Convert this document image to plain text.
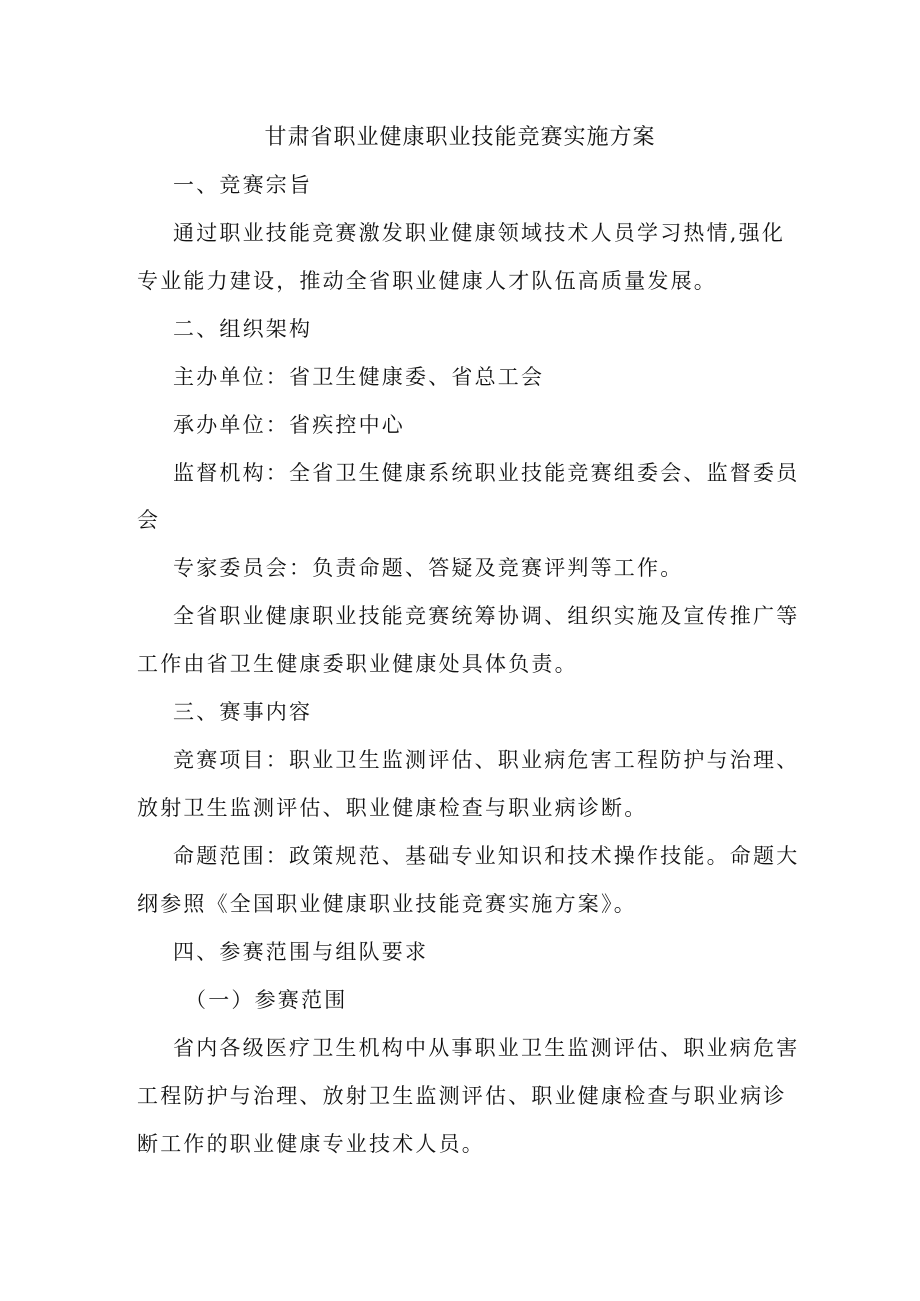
甘肃省职业健康职业技能竞赛实施方案
一、竞赛宗旨
通过职业技能竞赛激发职业健康领域技术人员学习热情,强化
专业能力建设，推动全省职业健康人才队伍高质量发展。
二、组织架构
主办单位：省卫生健康委、省总工会
承办单位：省疾控中心
监督机构：全省卫生健康系统职业技能竞赛组委会、监督委员
会
专家委员会：负责命题、答疑及竞赛评判等工作。
全省职业健康职业技能竞赛统筹协调、组织实施及宣传推广等
工作由省卫生健康委职业健康处具体负责。
三、赛事内容
竞赛项目：职业卫生监测评估、职业病危害工程防护与治理、
放射卫生监测评估、职业健康检查与职业病诊断。
命题范围：政策规范、基础专业知识和技术操作技能。命题大
纲参照《全国职业健康职业技能竞赛实施方案》。
四、参赛范围与组队要求
（一）参赛范围
省内各级医疗卫生机构中从事职业卫生监测评估、职业病危害
工程防护与治理、放射卫生监测评估、职业健康检查与职业病诊
断工作的职业健康专业技术人员。
